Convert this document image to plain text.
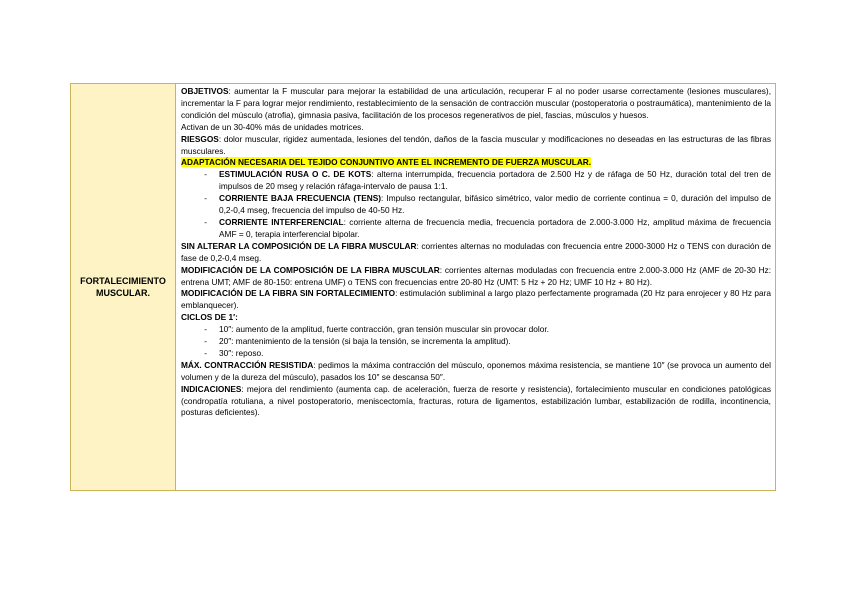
FORTALECIMIENTO
MUSCULAR.

OBJETIVOS: aumentar la F muscular para mejorar la estabilidad de una articulación, recuperar F al no poder usarse correctamente (lesiones musculares), incrementar la F para lograr mejor rendimiento, restablecimiento de la sensación de contracción muscular (postoperatoria o postraumática), mantenimiento de la condición del músculo (atrofia), gimnasia pasiva, facilitación de los procesos regenerativos de piel, fascias, músculos y huesos.

Activan de un 30-40% más de unidades motrices.

RIESGOS: dolor muscular, rigidez aumentada, lesiones del tendón, daños de la fascia muscular y modificaciones no deseadas en las estructuras de las fibras musculares.

ADAPTACIÓN NECESARIA DEL TEJIDO CONJUNTIVO ANTE EL INCREMENTO DE FUERZA MUSCULAR.

-	ESTIMULACIÓN RUSA O C. DE KOTS: alterna interrumpida, frecuencia portadora de 2.500 Hz y de ráfaga de 50 Hz, duración total del tren de impulsos de 20 mseg y relación ráfaga-intervalo de pausa 1:1.
-	CORRIENTE BAJA FRECUENCIA (TENS): Impulso rectangular, bifásico simétrico, valor medio de corriente continua = 0, duración del impulso de 0,2-0,4 mseg, frecuencia del impulso de 40-50 Hz.
-	CORRIENTE INTERFERENCIAL: corriente alterna de frecuencia media, frecuencia portadora de 2.000-3.000 Hz, amplitud máxima de frecuencia AMF = 0, terapia interferencial bipolar.

SIN ALTERAR LA COMPOSICIÓN DE LA FIBRA MUSCULAR: corrientes alternas no moduladas con frecuencia entre 2000-3000 Hz o TENS con duración de fase de 0,2-0,4 mseg.

MODIFICACIÓN DE LA COMPOSICIÓN DE LA FIBRA MUSCULAR: corrientes alternas moduladas con frecuencia entre 2.000-3.000 Hz (AMF de 20-30 Hz: entrena UMT; AMF de 80-150: entrena UMF) o TENS con frecuencias entre 20-80 Hz (UMT: 5 Hz + 20 Hz; UMF 10 Hz + 80 Hz).

MODIFICACIÓN DE LA FIBRA SIN FORTALECIMIENTO: estimulación subliminal a largo plazo perfectamente programada (20 Hz para enrojecer y 80 Hz para emblanquecer).

CICLOS DE 1′:

-	10″: aumento de la amplitud, fuerte contracción, gran tensión muscular sin provocar dolor.
-	20″: mantenimiento de la tensión (si baja la tensión, se incrementa la amplitud).
-	30″: reposo.

MÁX. CONTRACCIÓN RESISTIDA: pedimos la máxima contracción del músculo, oponemos máxima resistencia, se mantiene 10″ (se provoca un aumento del volumen y de la dureza del músculo), pasados los 10″ se descansa 50″.

INDICACIONES: mejora del rendimiento (aumenta cap. de aceleración, fuerza de resorte y resistencia), fortalecimiento muscular en condiciones patológicas (condropatía rotuliana, a nivel postoperatorio, meniscectomía, fracturas, rotura de ligamentos, estabilización lumbar, estabilización de rodilla, incontinencia, posturas deficientes).
